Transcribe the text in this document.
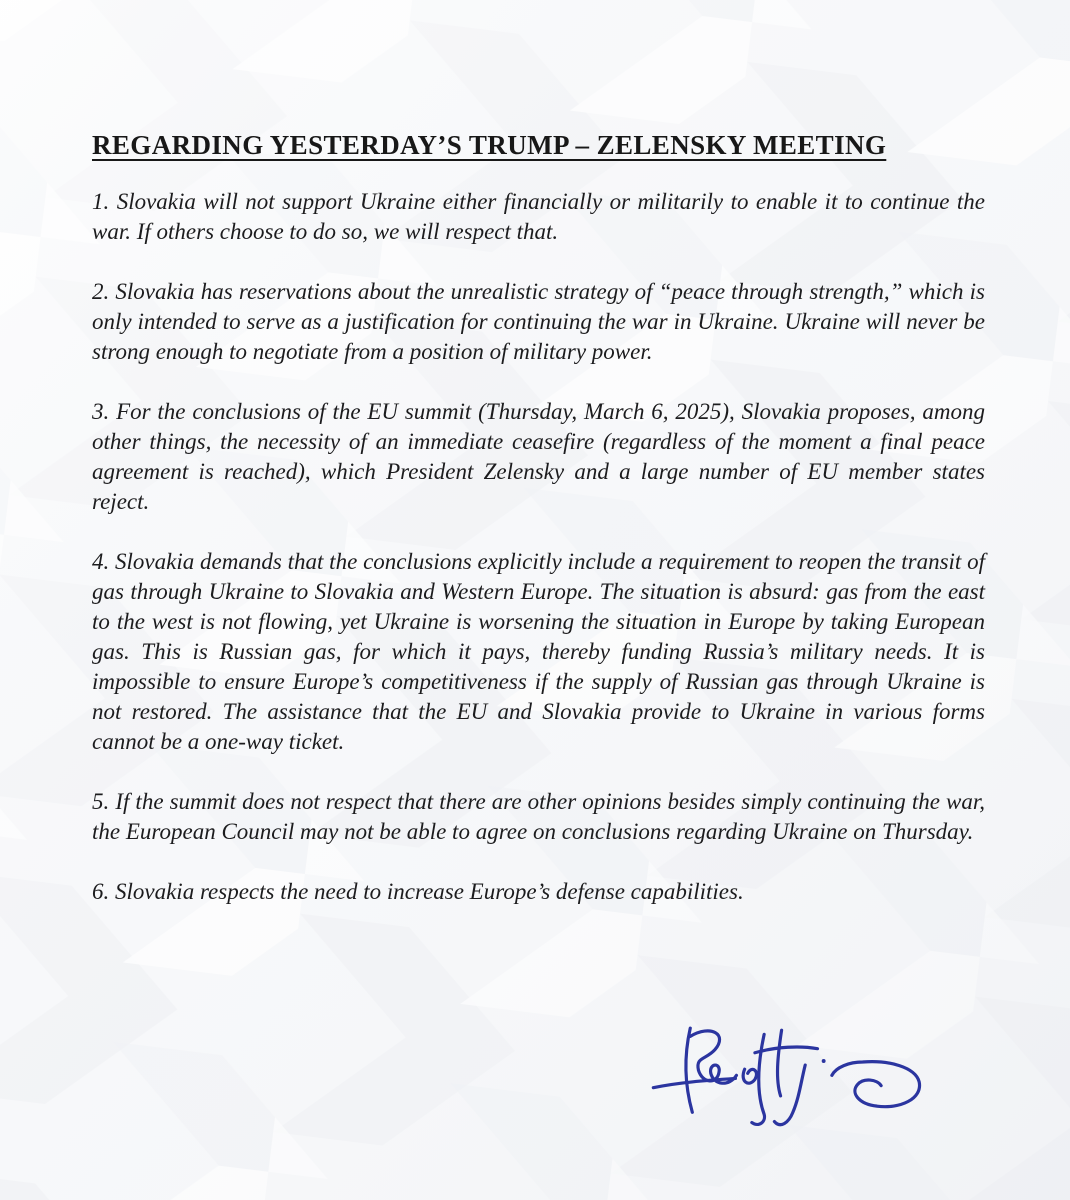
REGARDING YESTERDAY’S TRUMP – ZELENSKY MEETING

1. Slovakia will not support Ukraine either financially or militarily to enable it to continue the war. If others choose to do so, we will respect that.

2. Slovakia has reservations about the unrealistic strategy of “peace through strength,” which is only intended to serve as a justification for continuing the war in Ukraine. Ukraine will never be strong enough to negotiate from a position of military power.

3. For the conclusions of the EU summit (Thursday, March 6, 2025), Slovakia proposes, among other things, the necessity of an immediate ceasefire (regardless of the moment a final peace agreement is reached), which President Zelensky and a large number of EU member states reject.

4. Slovakia demands that the conclusions explicitly include a requirement to reopen the transit of gas through Ukraine to Slovakia and Western Europe. The situation is absurd: gas from the east to the west is not flowing, yet Ukraine is worsening the situation in Europe by taking European gas. This is Russian gas, for which it pays, thereby funding Russia’s military needs. It is impossible to ensure Europe’s competitiveness if the supply of Russian gas through Ukraine is not restored. The assistance that the EU and Slovakia provide to Ukraine in various forms cannot be a one-way ticket.

5. If the summit does not respect that there are other opinions besides simply continuing the war, the European Council may not be able to agree on conclusions regarding Ukraine on Thursday.

6. Slovakia respects the need to increase Europe’s defense capabilities.
